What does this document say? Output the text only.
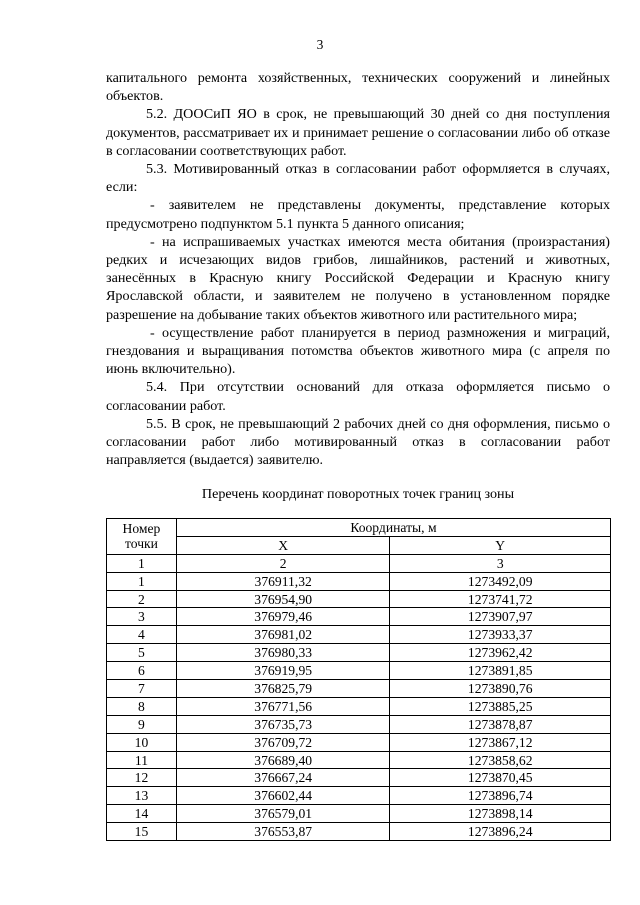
3

капитального ремонта хозяйственных, технических сооружений и линейных объектов.

5.2. ДООСиП ЯО в срок, не превышающий 30 дней со дня поступления документов, рассматривает их и принимает решение о согласовании либо об отказе в согласовании соответствующих работ.

5.3. Мотивированный отказ в согласовании работ оформляется в случаях, если:

- заявителем не представлены документы, представление которых предусмотрено подпунктом 5.1 пункта 5 данного описания;

- на испрашиваемых участках имеются места обитания (произрастания) редких и исчезающих видов грибов, лишайников, растений и животных, занесённых в Красную книгу Российской Федерации и Красную книгу Ярославской области, и заявителем не получено в установленном порядке разрешение на добывание таких объектов животного или растительного мира;

- осуществление работ планируется в период размножения и миграций, гнездования и выращивания потомства объектов животного мира (с апреля по июнь включительно).

5.4. При отсутствии оснований для отказа оформляется письмо о согласовании работ.

5.5. В срок, не превышающий 2 рабочих дней со дня оформления, письмо о согласовании работ либо мотивированный отказ в согласовании работ направляется (выдается) заявителю.

Перечень координат поворотных точек границ зоны
Номер точки	Координаты, м	
	X	Y
1	2	3
1	376911,32	1273492,09
2	376954,90	1273741,72
3	376979,46	1273907,97
4	376981,02	1273933,37
5	376980,33	1273962,42
6	376919,95	1273891,85
7	376825,79	1273890,76
8	376771,56	1273885,25
9	376735,73	1273878,87
10	376709,72	1273867,12
11	376689,40	1273858,62
12	376667,24	1273870,45
13	376602,44	1273896,74
14	376579,01	1273898,14
15	376553,87	1273896,24
